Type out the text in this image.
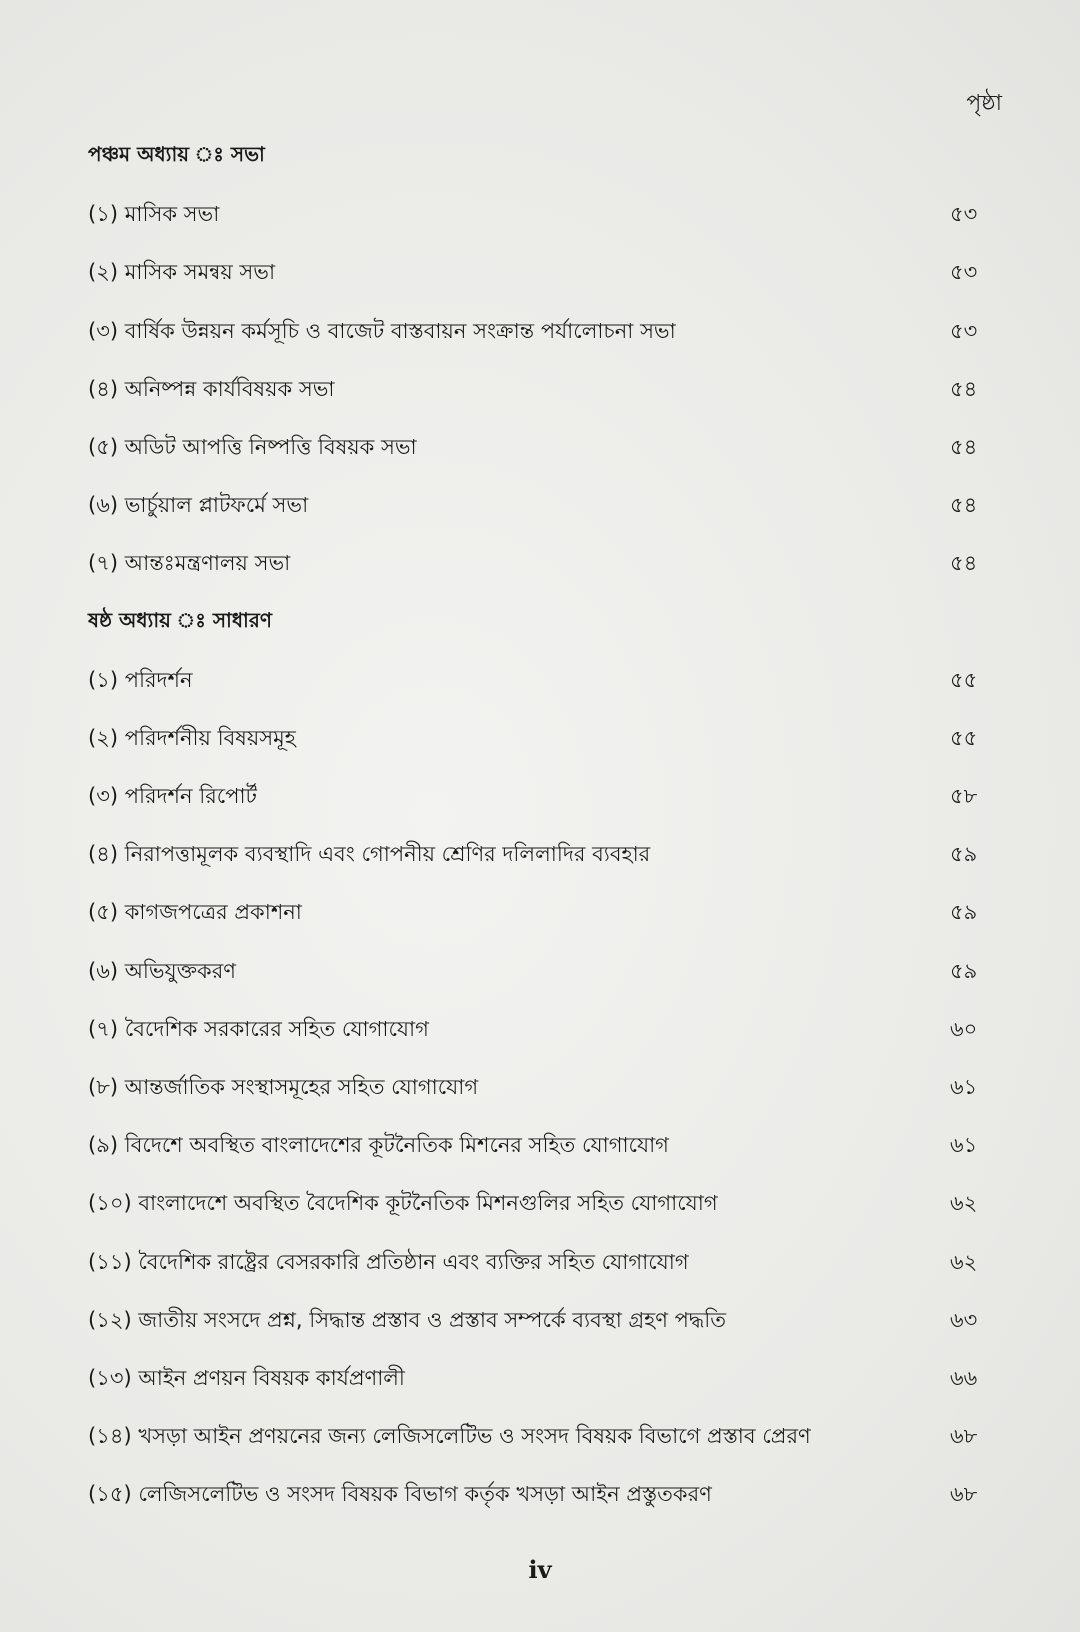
পৃষ্ঠা
পঞ্চম অধ্যায় ঃ সভা
(১) মাসিক সভা	৫৩
(২) মাসিক সমন্বয় সভা	৫৩
(৩) বার্ষিক উন্নয়ন কর্মসূচি ও বাজেট বাস্তবায়ন সংক্রান্ত পর্যালোচনা সভা	৫৩
(৪) অনিষ্পন্ন কার্যবিষয়ক সভা	৫৪
(৫) অডিট আপত্তি নিষ্পত্তি বিষয়ক সভা	৫৪
(৬) ভার্চুয়াল প্লাটফর্মে সভা	৫৪
(৭) আন্তঃমন্ত্রণালয় সভা	৫৪
ষষ্ঠ অধ্যায় ঃ সাধারণ
(১) পরিদর্শন	৫৫
(২) পরিদর্শনীয় বিষয়সমূহ	৫৫
(৩) পরিদর্শন রিপোর্ট	৫৮
(৪) নিরাপত্তামূলক ব্যবস্থাদি এবং গোপনীয় শ্রেণির দলিলাদির ব্যবহার	৫৯
(৫) কাগজপত্রের প্রকাশনা	৫৯
(৬) অভিযুক্তকরণ	৫৯
(৭) বৈদেশিক সরকারের সহিত যোগাযোগ	৬০
(৮) আন্তর্জাতিক সংস্থাসমূহের সহিত যোগাযোগ	৬১
(৯) বিদেশে অবস্থিত বাংলাদেশের কূটনৈতিক মিশনের সহিত যোগাযোগ	৬১
(১০) বাংলাদেশে অবস্থিত বৈদেশিক কূটনৈতিক মিশনগুলির সহিত যোগাযোগ	৬২
(১১) বৈদেশিক রাষ্ট্রের বেসরকারি প্রতিষ্ঠান এবং ব্যক্তির সহিত যোগাযোগ	৬২
(১২) জাতীয় সংসদে প্রশ্ন, সিদ্ধান্ত প্রস্তাব ও প্রস্তাব সম্পর্কে ব্যবস্থা গ্রহণ পদ্ধতি	৬৩
(১৩) আইন প্রণয়ন বিষয়ক কার্যপ্রণালী	৬৬
(১৪) খসড়া আইন প্রণয়নের জন্য লেজিসলেটিভ ও সংসদ বিষয়ক বিভাগে প্রস্তাব প্রেরণ	৬৮
(১৫) লেজিসলেটিভ ও সংসদ বিষয়ক বিভাগ কর্তৃক খসড়া আইন প্রস্তুতকরণ	৬৮
iv
